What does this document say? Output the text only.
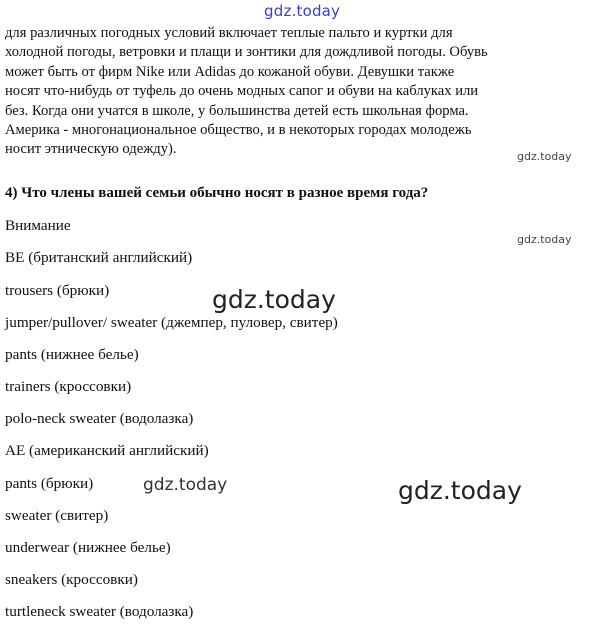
gdz.today

для различных погодных условий включает теплые пальто и куртки для
холодной погоды, ветровки и плащи и зонтики для дождливой погоды. Обувь
может быть от фирм Nike или Adidas до кожаной обуви. Девушки также
носят что-нибудь от туфель до очень модных сапог и обуви на каблуках или
без. Когда они учатся в школе, у большинства детей есть школьная форма.
Америка - многонациональное общество, и в некоторых городах молодежь
носит этническую одежду).	gdz.today
4) Что члены вашей семьи обычно носят в разное время года?
Внимание
gdz.today
BE (британский английский)
trousers (брюки)	gdz.today
jumper/pullover/ sweater (джемпер, пуловер, свитер)
pants (нижнее белье)
trainers (кроссовки)
polo-neck sweater (водолазка)
AE (американский английский)
pants (брюки)	gdz.today	gdz.today
sweater (свитер)
underwear (нижнее белье)
sneakers (кроссовки)
turtleneck sweater (водолазка)
